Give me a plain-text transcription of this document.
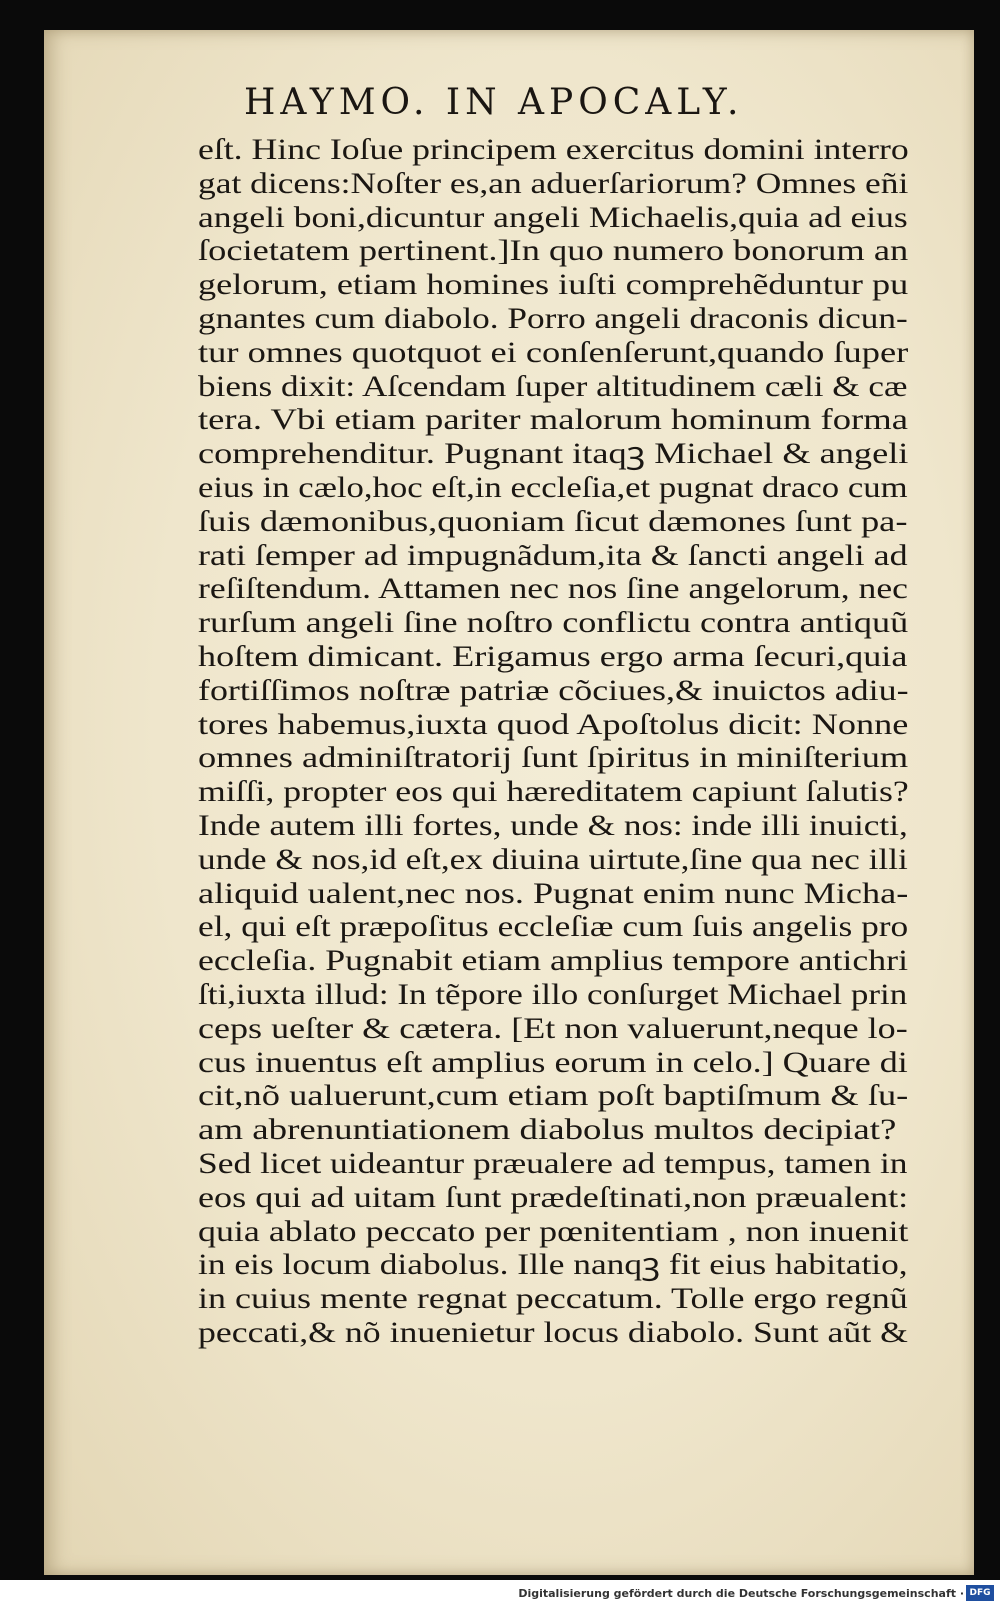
HAYMO. IN APOCALY.
eſt. Hinc Ioſue principem exercitus domini interro
gat dicens:Noſter es,an aduerſariorum? Omnes eñi
angeli boni,dicuntur angeli Michaelis,quia ad eius
ſocietatem pertinent.]In quo numero bonorum an
gelorum, etiam homines iuſti comprehẽduntur pu
gnantes cum diabolo. Porro angeli draconis dicun-
tur omnes quotquot ei conſenſerunt,quando ſuper
biens dixit: Aſcendam ſuper altitudinem cæli & cæ
tera. Vbi etiam pariter malorum hominum forma
comprehenditur. Pugnant itaqꝫ Michael & angeli
eius in cælo,hoc eſt,in eccleſia,et pugnat draco cum
ſuis dæmonibus,quoniam ſicut dæmones ſunt pa-
rati ſemper ad impugnãdum,ita & ſancti angeli ad
reſiſtendum. Attamen nec nos ſine angelorum, nec
rurſum angeli ſine noſtro conflictu contra antiquũ
hoſtem dimicant. Erigamus ergo arma ſecuri,quia
fortiſſimos noſtræ patriæ cõciues,& inuictos adiu-
tores habemus,iuxta quod Apoſtolus dicit: Nonne
omnes adminiſtratorij ſunt ſpiritus in miniſterium
miſſi, propter eos qui hæreditatem capiunt ſalutis?
Inde autem illi fortes, unde & nos: inde illi inuicti,
unde & nos,id eſt,ex diuina uirtute,ſine qua nec illi
aliquid ualent,nec nos. Pugnat enim nunc Micha-
el, qui eſt præpoſitus eccleſiæ cum ſuis angelis pro
eccleſia. Pugnabit etiam amplius tempore antichri
ſti,iuxta illud: In tẽpore illo conſurget Michael prin
ceps ueſter & cætera. [Et non valuerunt,neque lo-
cus inuentus eſt amplius eorum in celo.] Quare di
cit,nõ ualuerunt,cum etiam poſt baptiſmum & ſu-
am abrenuntiationem diabolus multos decipiat?
Sed licet uideantur præualere ad tempus, tamen in
eos qui ad uitam ſunt prædeſtinati,non præualent:
quia ablato peccato per pœnitentiam , non inuenit
in eis locum diabolus. Ille nanqꝫ fit eius habitatio,
in cuius mente regnat peccatum. Tolle ergo regnũ
peccati,& nõ inuenietur locus diabolo. Sunt aũt &
Digitalisierung gefördert durch die Deutsche Forschungsgemeinschaft · DFG
